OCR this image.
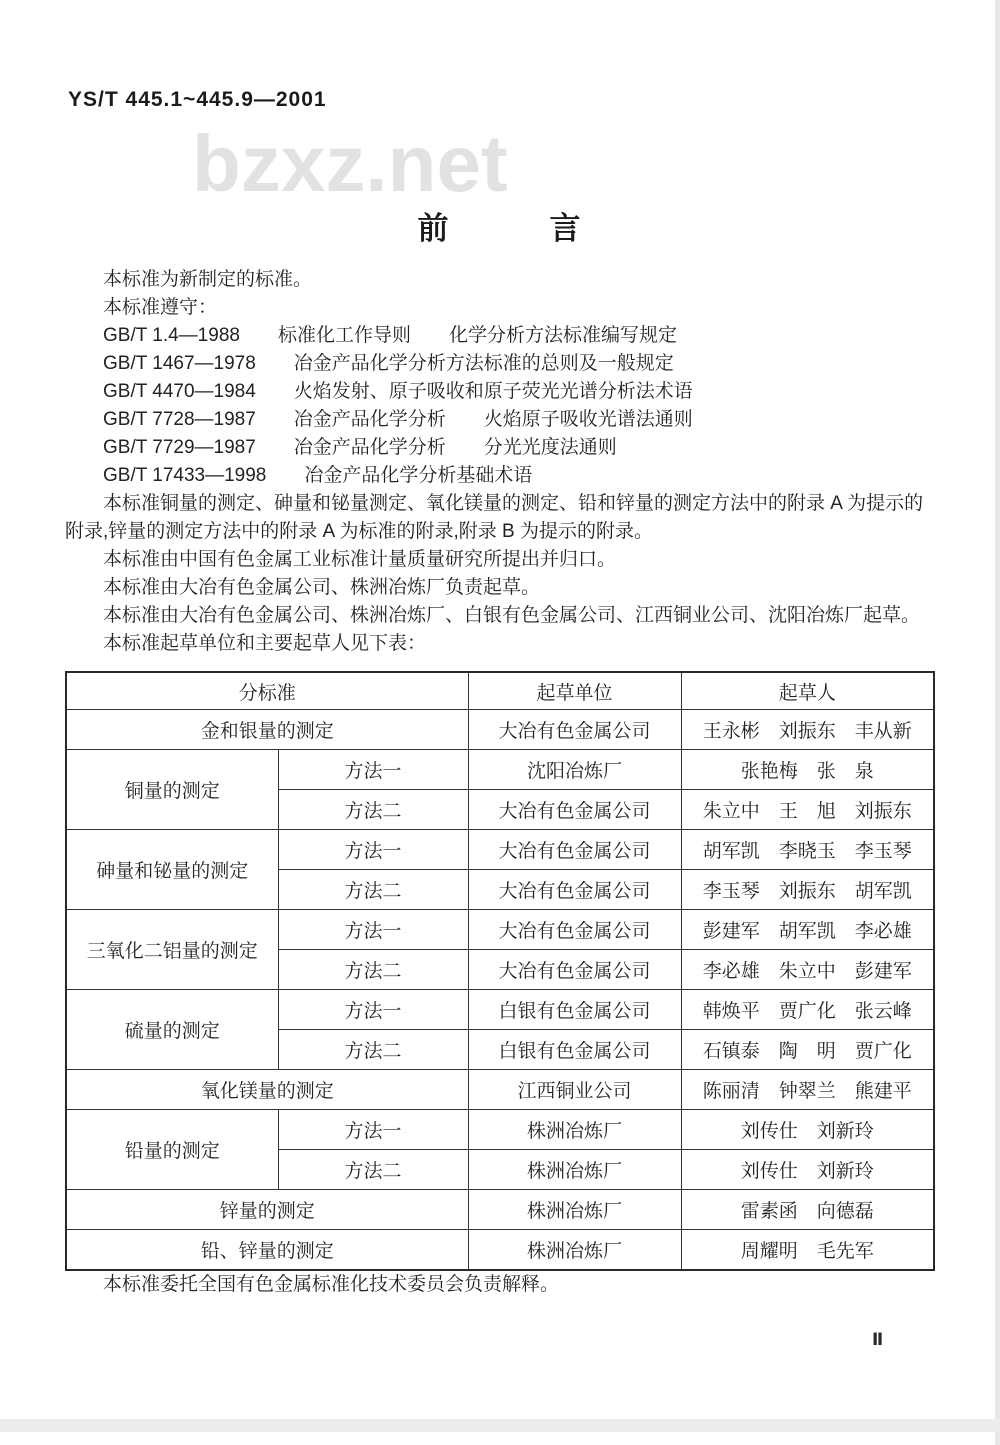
bzxz.net
YS/T 445.1~445.9—2001
前　　　言

本标准为新制定的标准。

本标准遵守：

GB/T 1.4—1988　　标准化工作导则　　化学分析方法标准编写规定

GB/T 1467—1978　　冶金产品化学分析方法标准的总则及一般规定

GB/T 4470—1984　　火焰发射、原子吸收和原子荧光光谱分析法术语

GB/T 7728—1987　　冶金产品化学分析　　火焰原子吸收光谱法通则

GB/T 7729—1987　　冶金产品化学分析　　分光光度法通则

GB/T 17433—1998　　冶金产品化学分析基础术语

本标准铜量的测定、砷量和铋量测定、氧化镁量的测定、铅和锌量的测定方法中的附录 A 为提示的附录,锌量的测定方法中的附录 A 为标准的附录,附录 B 为提示的附录。

本标准由中国有色金属工业标准计量质量研究所提出并归口。

本标准由大冶有色金属公司、株洲冶炼厂负责起草。

本标准由大冶有色金属公司、株洲冶炼厂、白银有色金属公司、江西铜业公司、沈阳冶炼厂起草。

本标准起草单位和主要起草人见下表：

分标准		起草单位	起草人
金和银量的测定		大冶有色金属公司	王永彬　刘振东　丰从新
铜量的测定	方法一	沈阳冶炼厂	张艳梅　张　泉
	方法二	大冶有色金属公司	朱立中　王　旭　刘振东
砷量和铋量的测定	方法一	大冶有色金属公司	胡军凯　李晓玉　李玉琴
	方法二	大冶有色金属公司	李玉琴　刘振东　胡军凯
三氧化二铝量的测定	方法一	大冶有色金属公司	彭建军　胡军凯　李必雄
	方法二	大冶有色金属公司	李必雄　朱立中　彭建军
硫量的测定	方法一	白银有色金属公司	韩焕平　贾广化　张云峰
	方法二	白银有色金属公司	石镇泰　陶　明　贾广化
氧化镁量的测定		江西铜业公司	陈丽清　钟翠兰　熊建平
铅量的测定	方法一	株洲冶炼厂	刘传仕　刘新玲
	方法二	株洲冶炼厂	刘传仕　刘新玲
锌量的测定		株洲冶炼厂	雷素函　向德磊
铅、锌量的测定		株洲冶炼厂	周耀明　毛先军

本标准委托全国有色金属标准化技术委员会负责解释。

Ⅱ
